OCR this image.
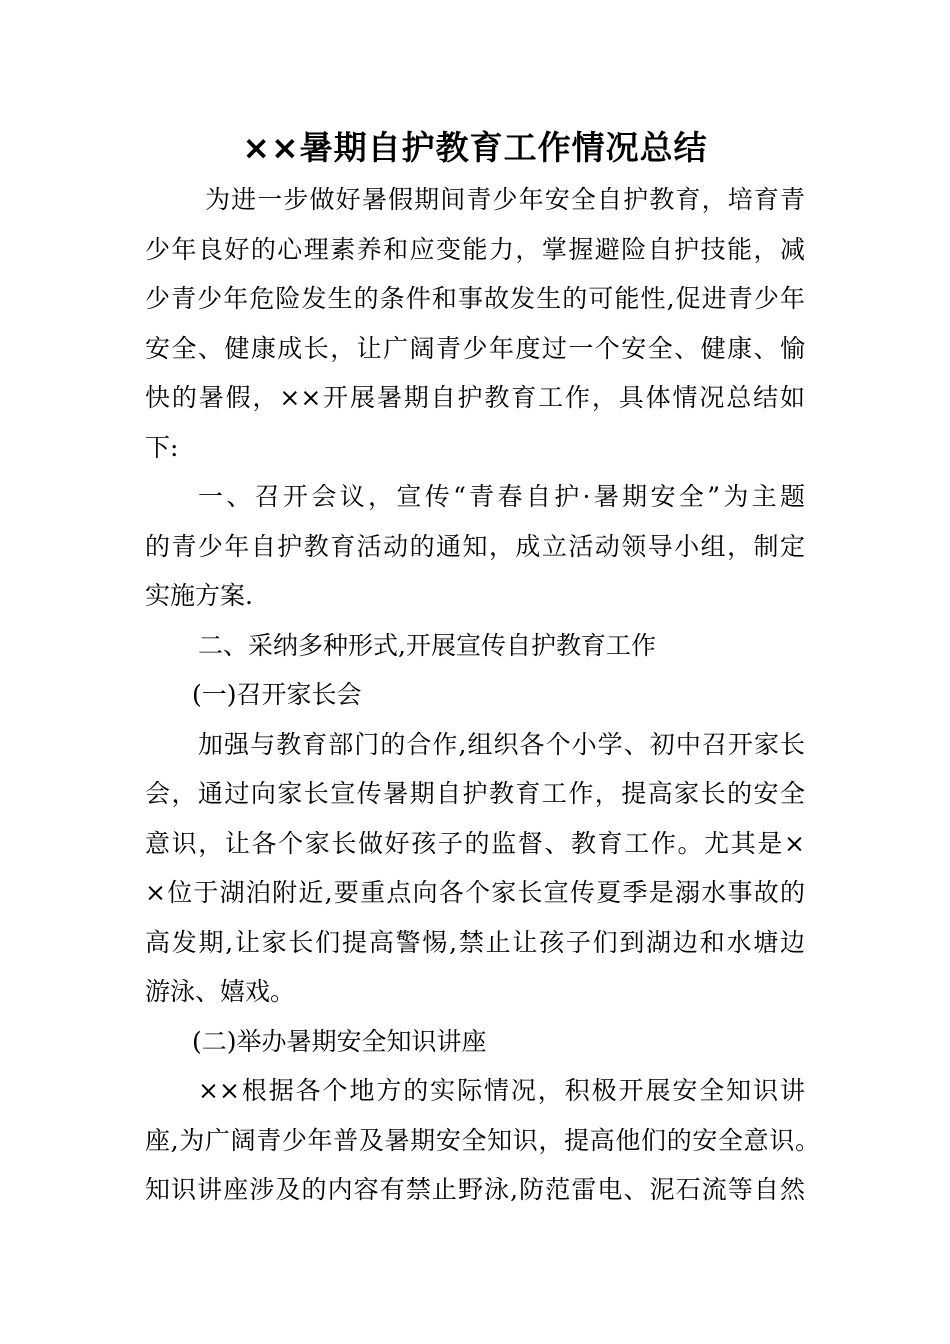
××暑期自护教育工作情况总结
为进一步做好暑假期间青少年安全自护教育，培育青
少年良好的心理素养和应变能力，掌握避险自护技能，减
少青少年危险发生的条件和事故发生的可能性,促进青少年
安全、健康成长，让广阔青少年度过一个安全、健康、愉
快的暑假，××开展暑期自护教育工作，具体情况总结如
下:
一、召开会议，宣传“青春自护·暑期安全”为主题
的青少年自护教育活动的通知，成立活动领导小组，制定
实施方案.
二、采纳多种形式,开展宣传自护教育工作
(一)召开家长会
加强与教育部门的合作,组织各个小学、初中召开家长
会，通过向家长宣传暑期自护教育工作，提高家长的安全
意识，让各个家长做好孩子的监督、教育工作。尤其是×
×位于湖泊附近,要重点向各个家长宣传夏季是溺水事故的
高发期,让家长们提高警惕,禁止让孩子们到湖边和水塘边
游泳、嬉戏。
(二)举办暑期安全知识讲座
××根据各个地方的实际情况，积极开展安全知识讲
座,为广阔青少年普及暑期安全知识，提高他们的安全意识。
知识讲座涉及的内容有禁止野泳,防范雷电、泥石流等自然
